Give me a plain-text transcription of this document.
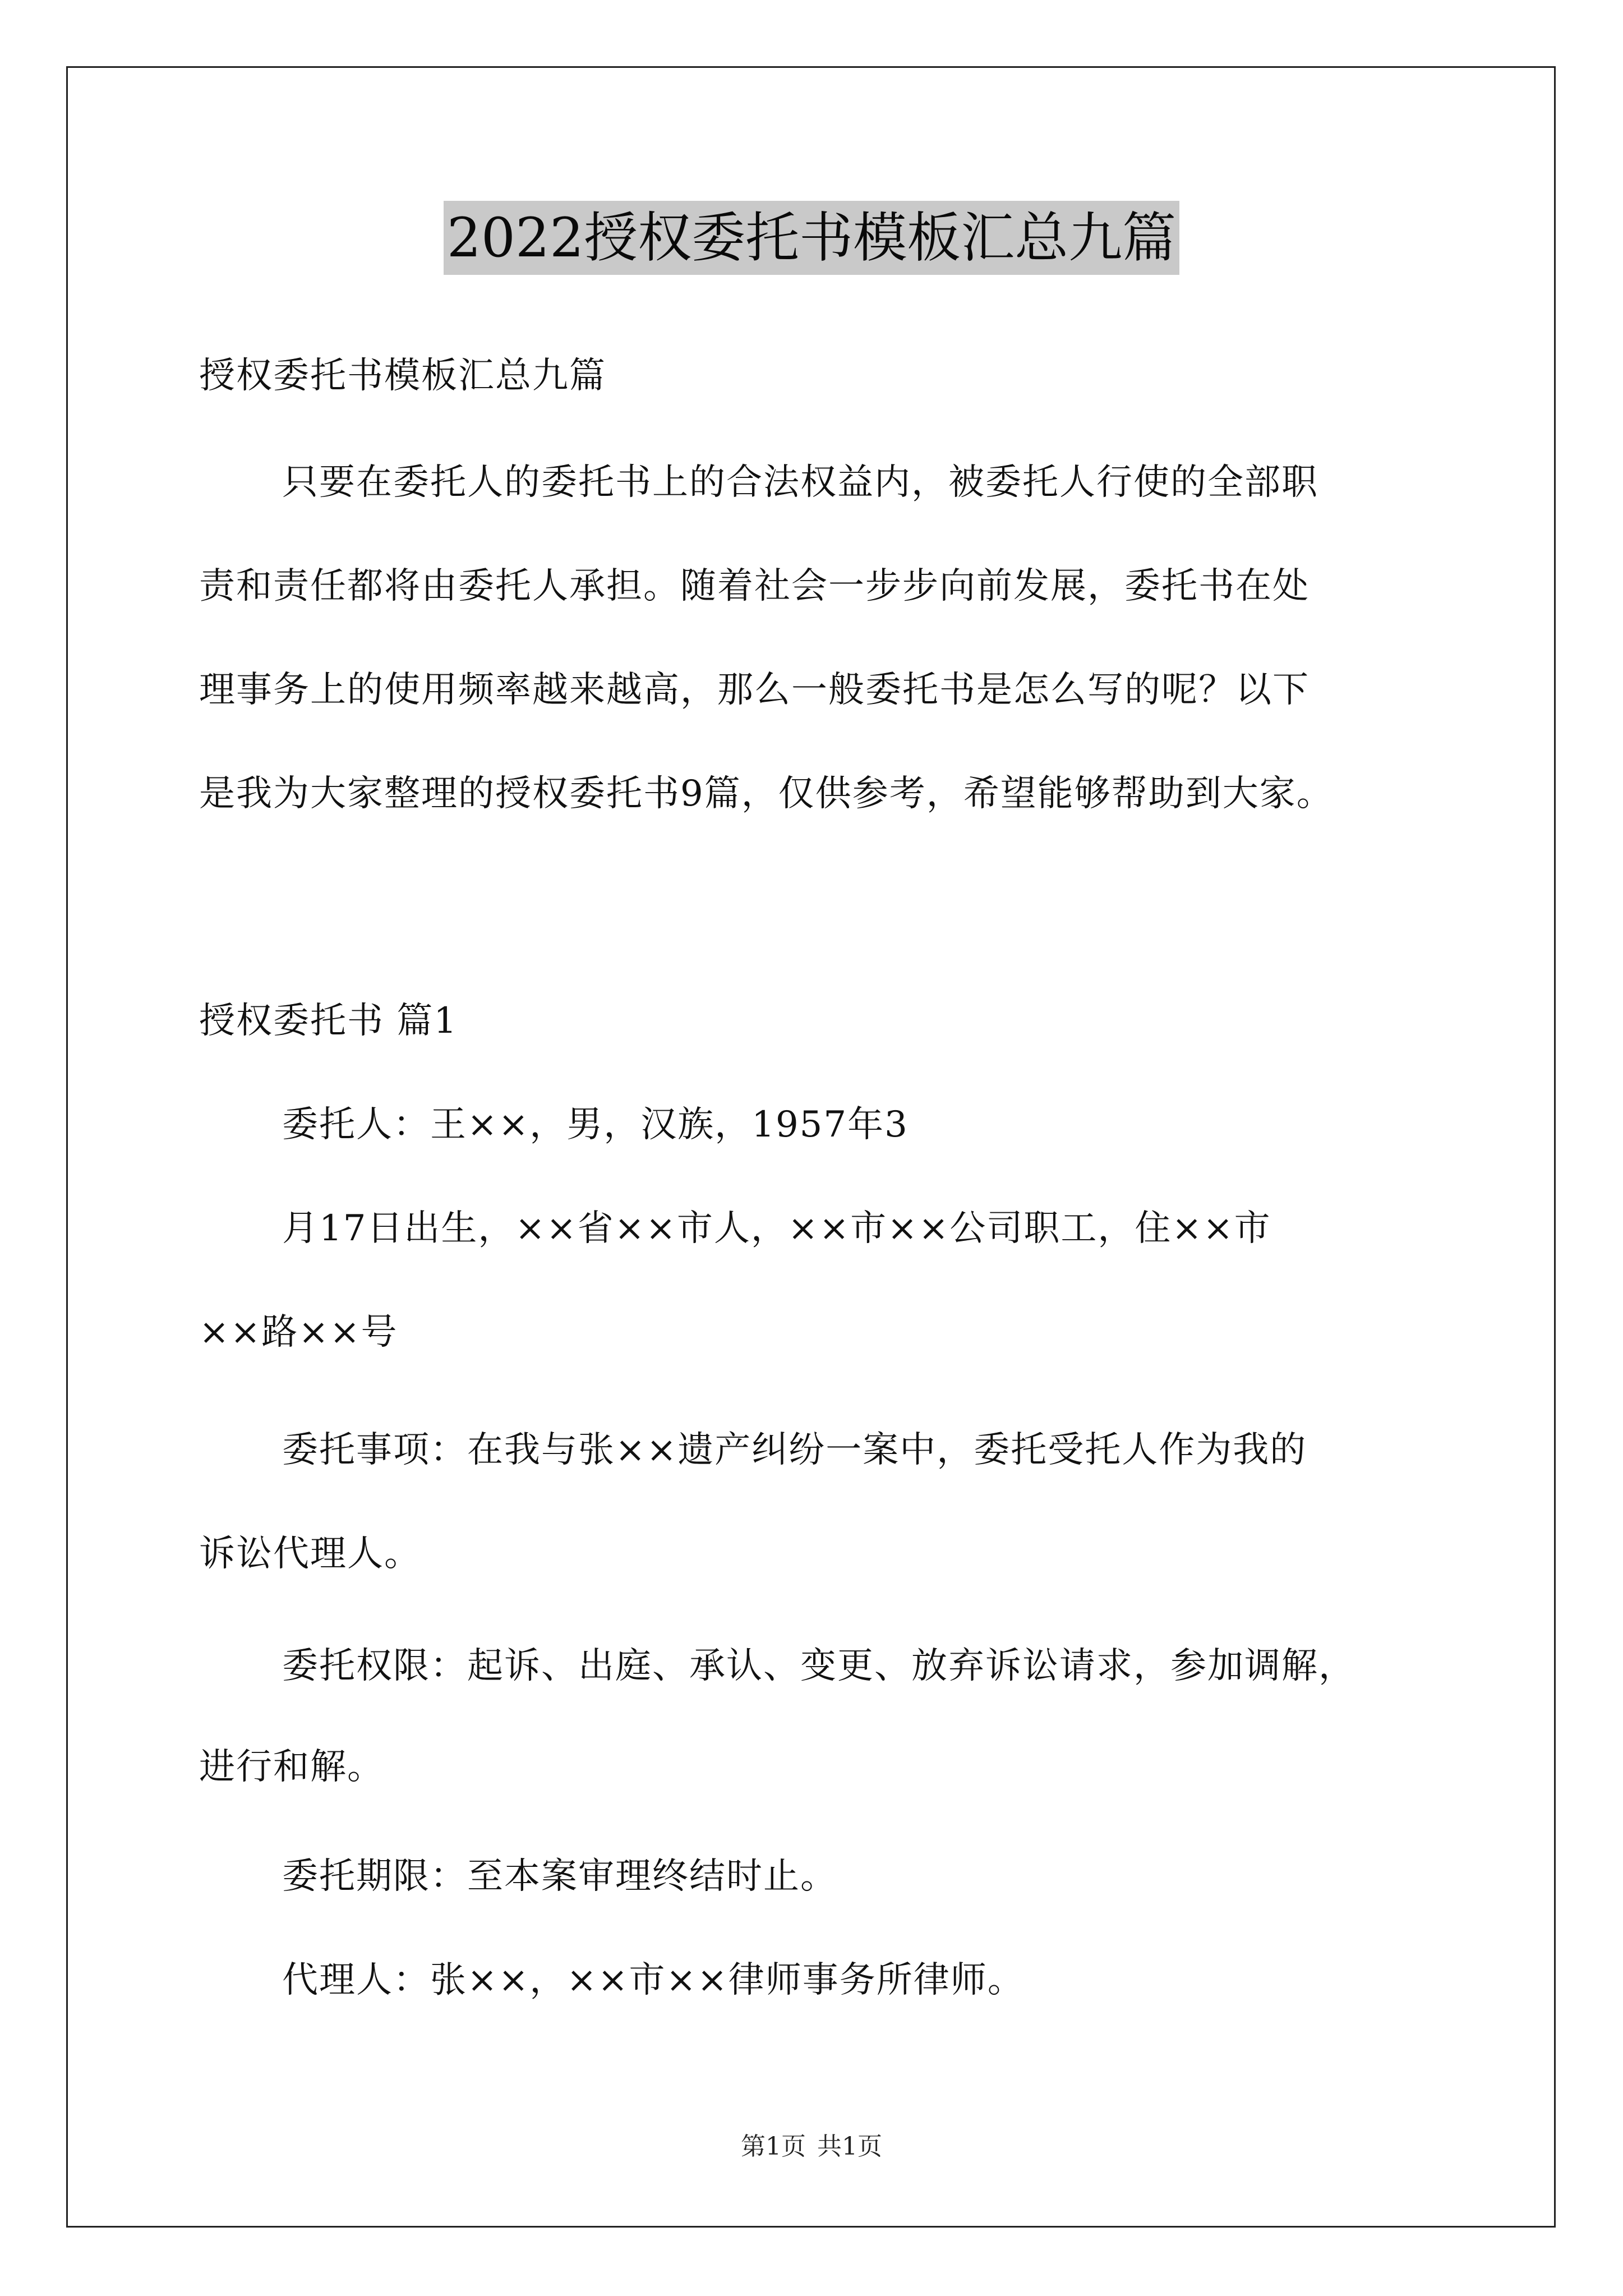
2022授权委托书模板汇总九篇
授权委托书模板汇总九篇
只要在委托人的委托书上的合法权益内，被委托人行使的全部职
责和责任都将由委托人承担。随着社会一步步向前发展，委托书在处
理事务上的使用频率越来越高，那么一般委托书是怎么写的呢？以下
是我为大家整理的授权委托书9篇，仅供参考，希望能够帮助到大家。
授权委托书 篇1
委托人：王××，男，汉族，1957年3
月17日出生，××省××市人，××市××公司职工，住××市
××路××号
委托事项：在我与张××遗产纠纷一案中，委托受托人作为我的
诉讼代理人。
委托权限：起诉、出庭、承认、变更、放弃诉讼请求，参加调解，
进行和解。
委托期限：至本案审理终结时止。
代理人：张××，××市××律师事务所律师。
第1页 共1页
